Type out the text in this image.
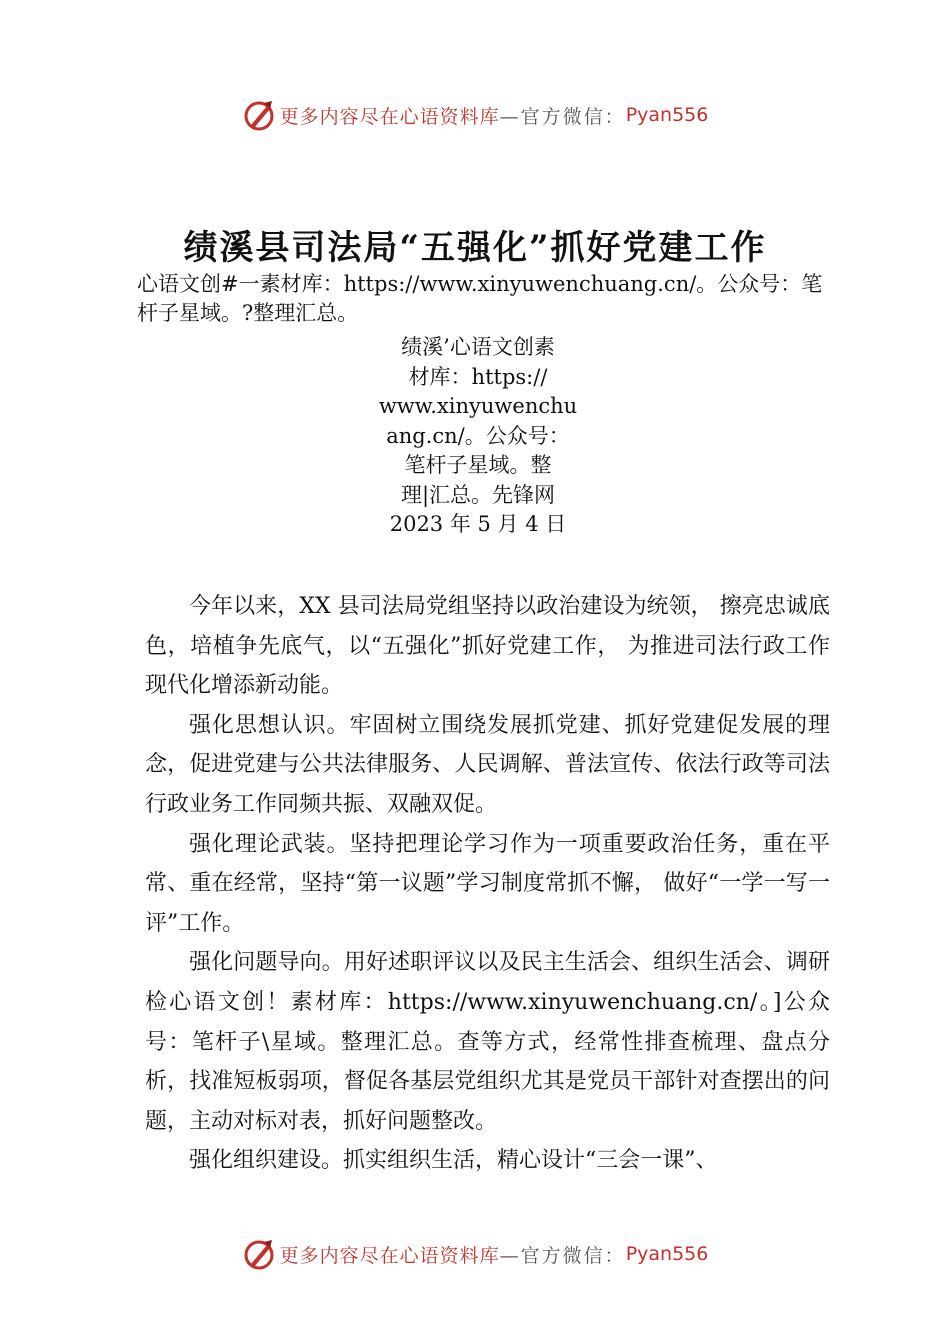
更多内容尽在心语资料库 —官方微信： Pyan556
绩溪县司法局“五强化”抓好党建工作
心语文创#一素材库：https://www.xinyuwenchuang.cn/。公众号：笔杆子星域。?整理汇总。
绩溪’心语文创素
材库：https://
www.xinyuwenchu
ang.cn/。公众号：
笔杆子星域。整
理|汇总。先锋网
2023 年 5 月 4 日

今年以来，XX 县司法局党组坚持以政治建设为统领， 擦亮忠诚底色，培植争先底气，以“五强化”抓好党建工作， 为推进司法行政工作现代化增添新动能。

强化思想认识。牢固树立围绕发展抓党建、抓好党建促发展的理念，促进党建与公共法律服务、人民调解、普法宣传、依法行政等司法行政业务工作同频共振、双融双促。

强化理论武装。坚持把理论学习作为一项重要政治任务，重在平常、重在经常，坚持“第一议题”学习制度常抓不懈， 做好“一学一写一评”工作。

强化问题导向。用好述职评议以及民主生活会、组织生活会、调研检心语文创！素材库：https://www.xinyuwenchuang.cn/。]公众号：笔杆子\星域。整理汇总。查等方式，经常性排查梳理、盘点分析，找准短板弱项，督促各基层党组织尤其是党员干部针对查摆出的问题，主动对标对表，抓好问题整改。

强化组织建设。抓实组织生活，精心设计“三会一课”、

更多内容尽在心语资料库 —官方微信： Pyan556
